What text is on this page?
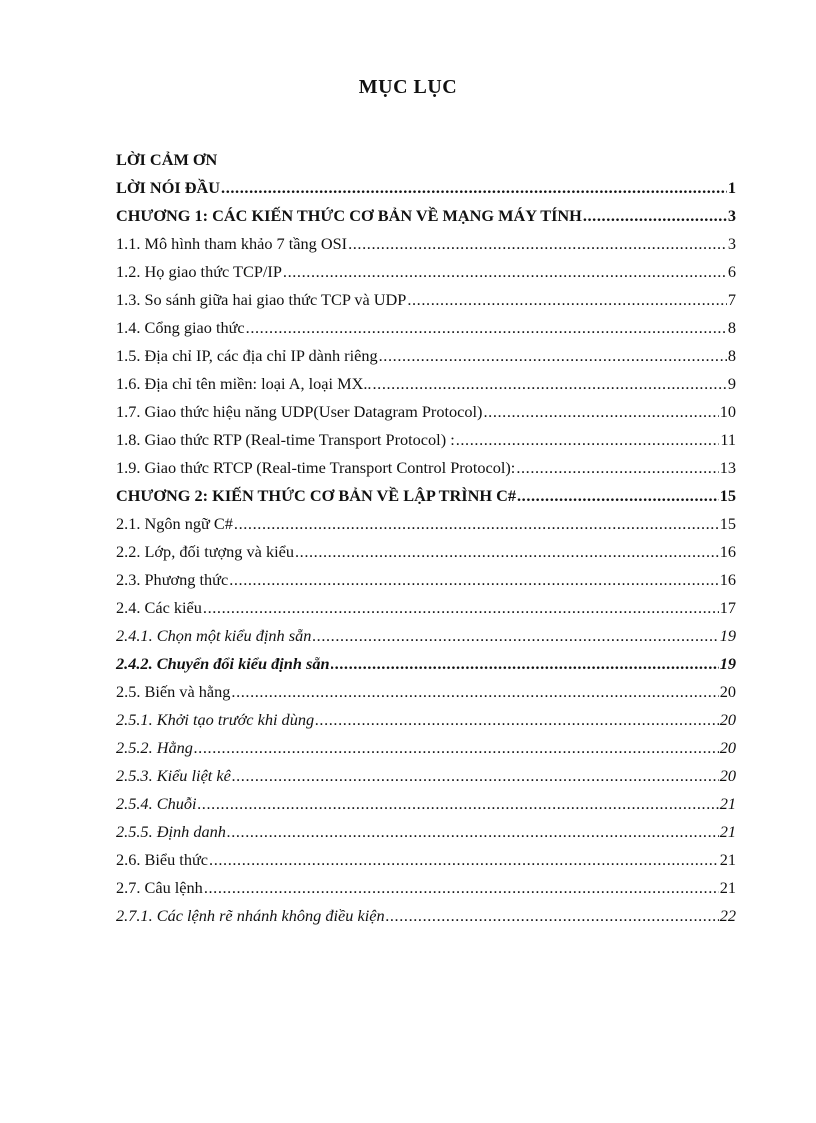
MỤC LỤC
LỜI CẢM ƠN
LỜI NÓI ĐẦU .....	1
CHƯƠNG 1: CÁC KIẾN THỨC CƠ BẢN VỀ MẠNG MÁY TÍNH .....	3
1.1. Mô hình tham khảo 7 tầng OSI .....	3
1.2. Họ giao thức TCP/IP .....	6
1.3. So sánh giữa hai giao thức TCP và UDP .....	7
1.4. Cổng giao thức .....	8
1.5. Địa chỉ IP, các địa chỉ IP dành riêng .....	8
1.6. Địa chỉ tên miền: loại A, loại MX.. .....	9
1.7. Giao thức hiệu năng UDP(User Datagram Protocol) .....	10
1.8. Giao thức RTP (Real-time Transport Protocol) : .....	11
1.9. Giao thức RTCP (Real-time Transport Control Protocol): .....	13
CHƯƠNG 2: KIẾN THỨC CƠ BẢN VỀ LẬP TRÌNH C# .....	15
2.1. Ngôn ngữ C# .....	15
2.2. Lớp, đối tượng và kiểu .....	16
2.3. Phương thức .....	16
2.4. Các kiểu .....	17
2.4.1. Chọn một kiểu định sẵn .....	19
2.4.2. Chuyển đổi kiểu định sẵn .....	19
2.5. Biến và hằng .....	20
2.5.1. Khởi tạo trước khi dùng .....	20
2.5.2. Hằng .....	20
2.5.3. Kiểu liệt kê .....	20
2.5.4. Chuỗi .....	21
2.5.5. Định danh .....	21
2.6. Biểu thức .....	21
2.7. Câu lệnh .....	21
2.7.1. Các lệnh rẽ nhánh không điều kiện .....	22
